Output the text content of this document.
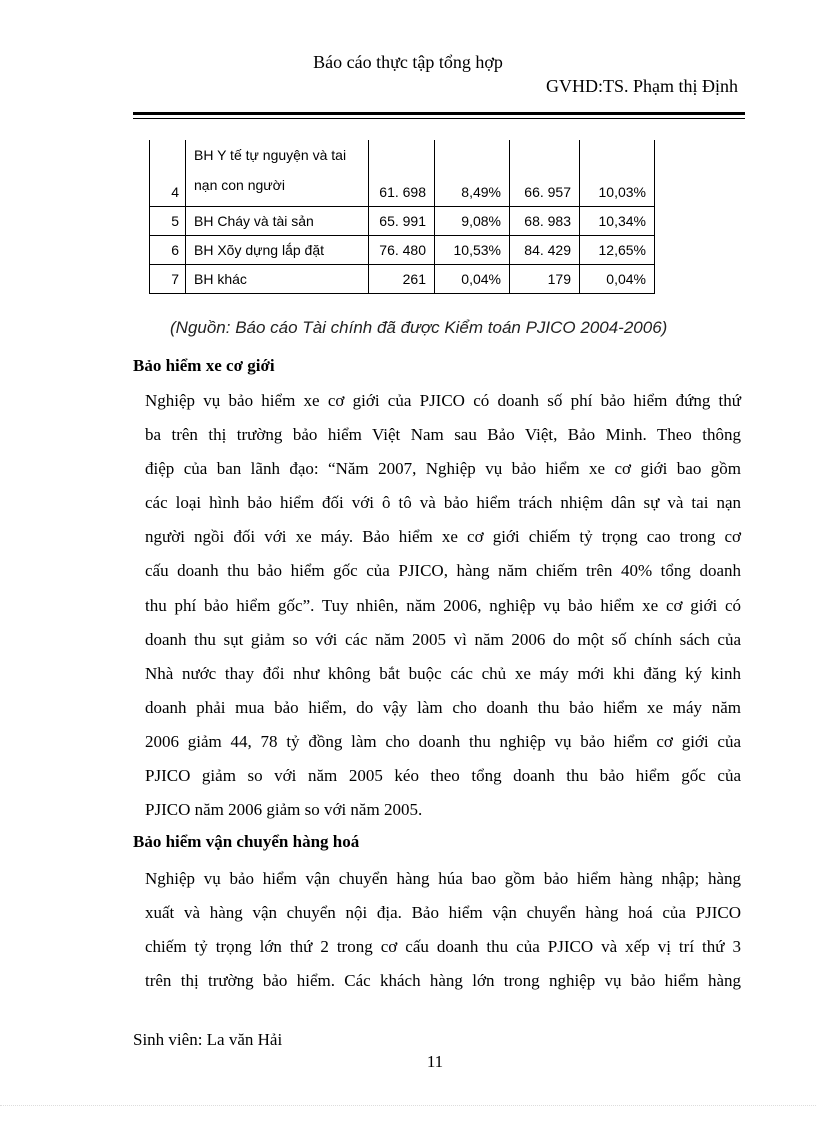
Báo cáo thực tập tổng hợp
GVHD:TS. Phạm thị Định
4	BH Y tế tự nguyện và tai
nạn con người	61. 698	8,49%	66. 957	10,03%
5	BH Cháy và tài sản	65. 991	9,08%	68. 983	10,34%
6	BH Xõy dựng lắp đặt	76. 480	10,53%	84. 429	12,65%
7	BH khác	261	0,04%	179	0,04%
(Nguồn: Báo cáo Tài chính đã được Kiểm toán PJICO 2004-2006)
Bảo hiểm xe cơ giới
Nghiệp vụ bảo hiểm xe cơ giới của PJICO có doanh số phí bảo hiểm đứng thứ
ba trên thị trường bảo hiểm Việt Nam sau Bảo Việt, Bảo Minh. Theo thông
điệp của ban lãnh đạo: “Năm 2007, Nghiệp vụ bảo hiểm xe cơ giới bao gồm
các loại hình bảo hiểm đối với ô tô và bảo hiểm trách nhiệm dân sự và tai nạn
người ngồi đối với xe máy. Bảo hiểm xe cơ giới chiếm tỷ trọng cao trong cơ
cấu doanh thu bảo hiểm gốc của PJICO, hàng năm chiếm trên 40% tổng doanh
thu phí bảo hiểm gốc”. Tuy nhiên, năm 2006, nghiệp vụ bảo hiểm xe cơ giới có
doanh thu sụt giảm so với các năm 2005 vì năm 2006 do một số chính sách của
Nhà nước thay đổi như không bắt buộc các chủ xe máy mới khi đăng ký kinh
doanh phải mua bảo hiểm, do vậy làm cho doanh thu bảo hiểm xe máy năm
2006 giảm 44, 78 tỷ đồng làm cho doanh thu nghiệp vụ bảo hiểm cơ giới của
PJICO giảm so với năm 2005 kéo theo tổng doanh thu bảo hiểm gốc của
PJICO năm 2006 giảm so với năm 2005.
Bảo hiểm vận chuyển hàng hoá
Nghiệp vụ bảo hiểm vận chuyển hàng húa bao gồm bảo hiểm hàng nhập; hàng
xuất và hàng vận chuyển nội địa. Bảo hiểm vận chuyển hàng hoá của PJICO
chiếm tỷ trọng lớn thứ 2 trong cơ cấu doanh thu của PJICO và xếp vị trí thứ 3
trên thị trường bảo hiểm. Các khách hàng lớn trong nghiệp vụ bảo hiểm hàng
Sinh viên: La văn Hải
11
